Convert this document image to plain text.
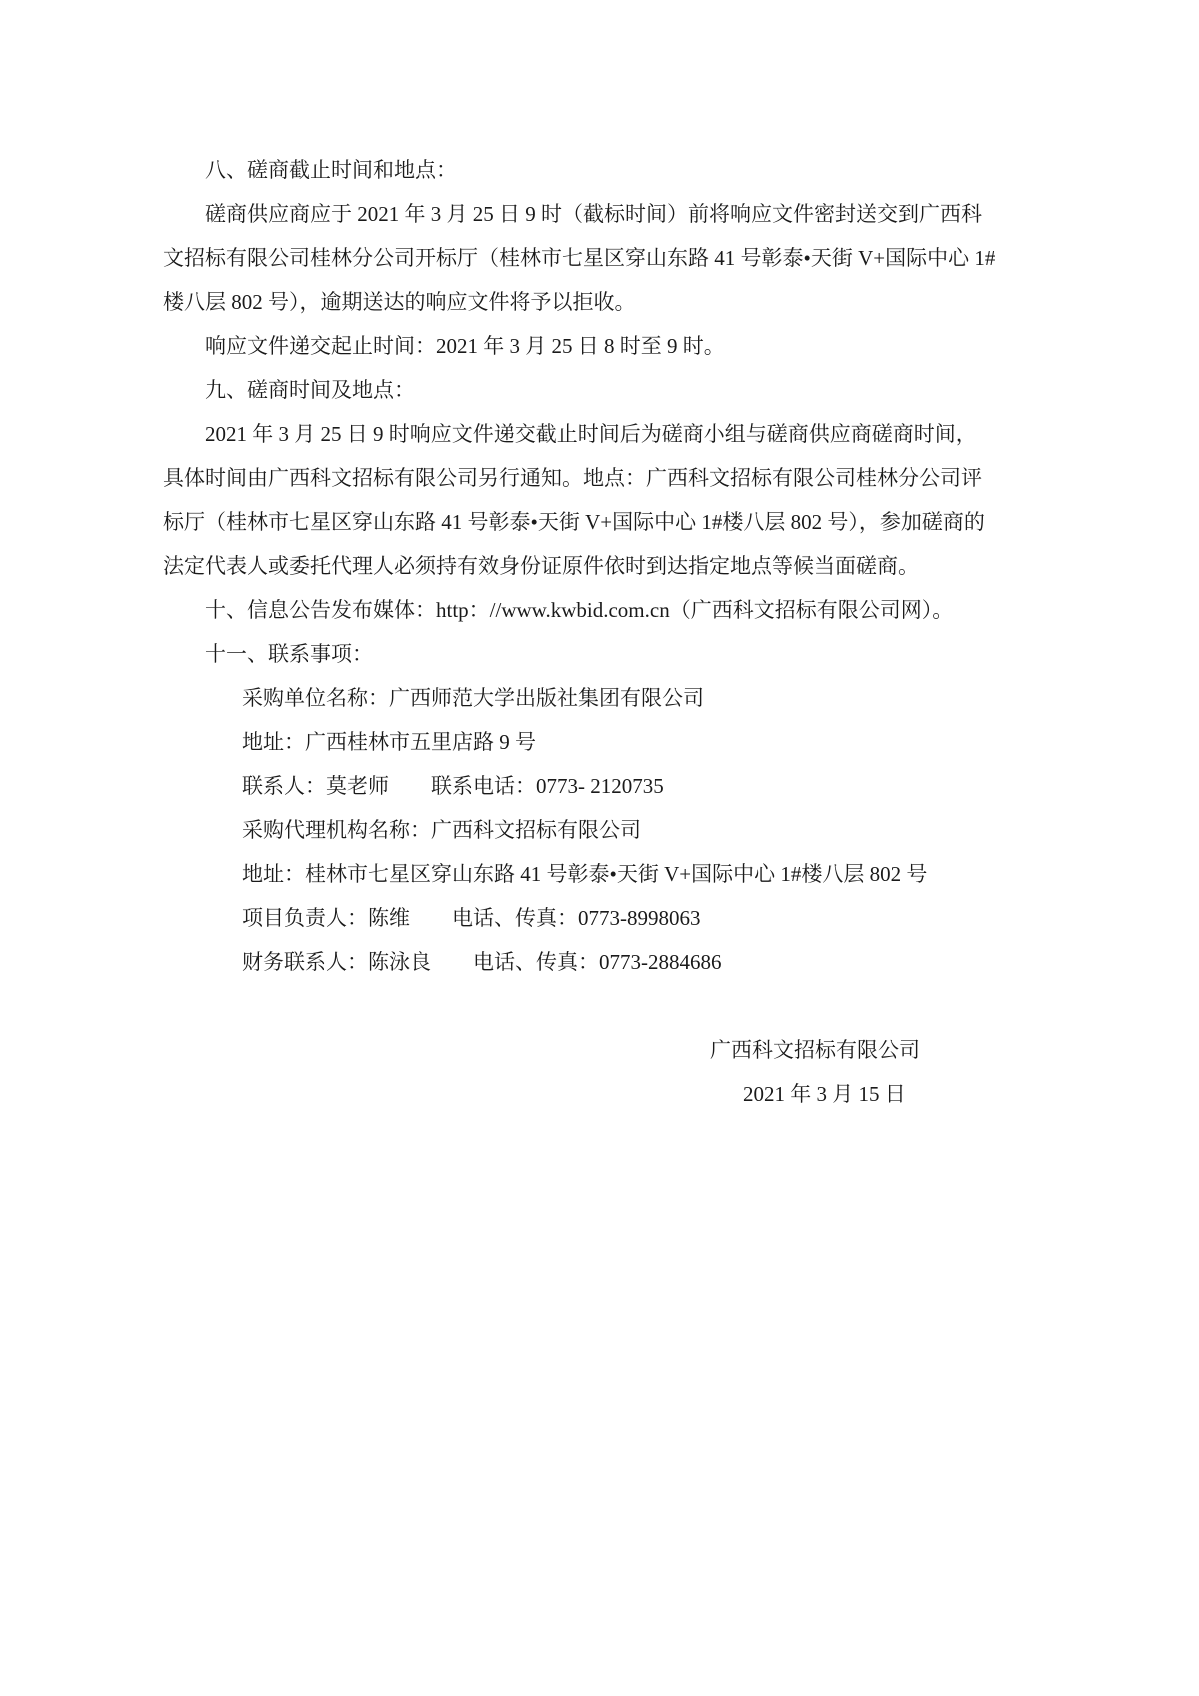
八、磋商截止时间和地点：
磋商供应商应于 2021 年 3 月 25 日 9 时（截标时间）前将响应文件密封送交到广西科
文招标有限公司桂林分公司开标厅（桂林市七星区穿山东路 41 号彰泰•天街 V+国际中心 1#
楼八层 802 号），逾期送达的响应文件将予以拒收。
响应文件递交起止时间：2021 年 3 月 25 日 8 时至 9 时。
九、磋商时间及地点：
2021 年 3 月 25 日 9 时响应文件递交截止时间后为磋商小组与磋商供应商磋商时间，
具体时间由广西科文招标有限公司另行通知。地点：广西科文招标有限公司桂林分公司评
标厅（桂林市七星区穿山东路 41 号彰泰•天街 V+国际中心 1#楼八层 802 号），参加磋商的
法定代表人或委托代理人必须持有效身份证原件依时到达指定地点等候当面磋商。
十、信息公告发布媒体：http：//www.kwbid.com.cn（广西科文招标有限公司网）。
十一、联系事项：
采购单位名称：广西师范大学出版社集团有限公司
地址：广西桂林市五里店路 9 号
联系人：莫老师　　联系电话：0773- 2120735
采购代理机构名称：广西科文招标有限公司
地址：桂林市七星区穿山东路 41 号彰泰•天街 V+国际中心 1#楼八层 802 号
项目负责人：陈维　　电话、传真：0773-8998063
财务联系人：陈泳良　　电话、传真：0773-2884686
广西科文招标有限公司
2021 年 3 月 15 日
